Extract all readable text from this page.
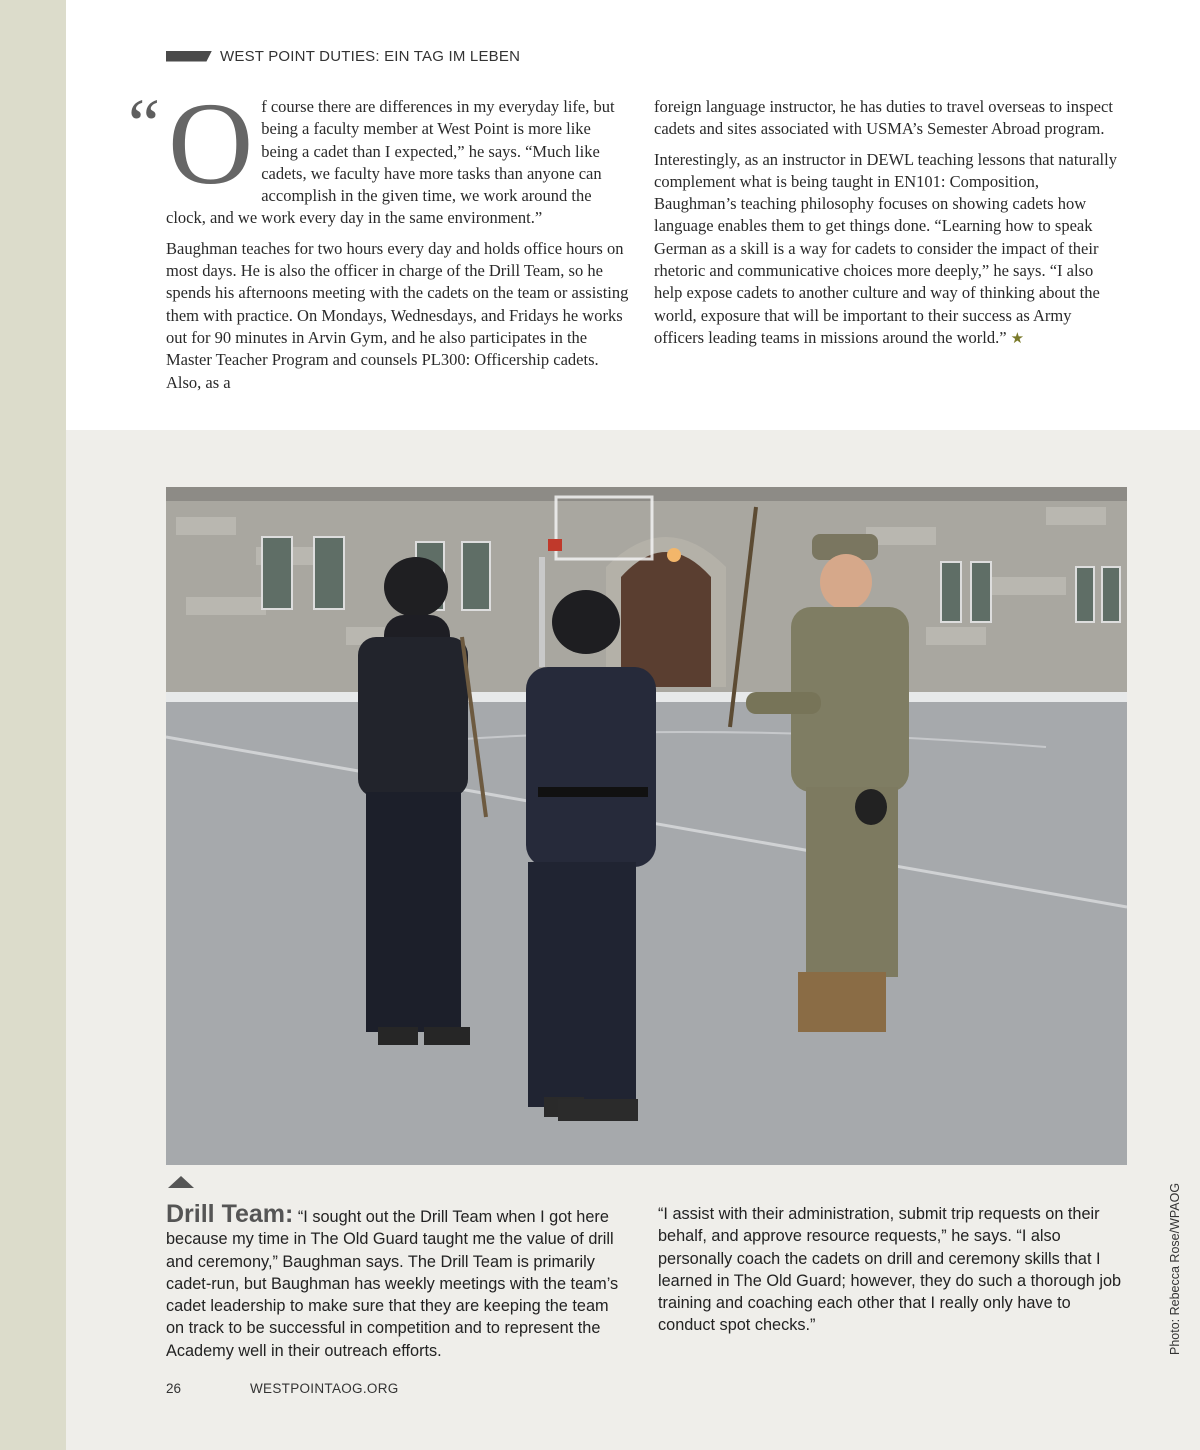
WEST POINT DUTIES: EIN TAG IM LEBEN
“ O f course there are differences in my everyday life, but being a faculty member at West Point is more like being a cadet than I expected,” he says. “Much like cadets, we faculty have more tasks than anyone can accomplish in the given time, we work around the clock, and we work every day in the same environment.”

Baughman teaches for two hours every day and holds office hours on most days. He is also the officer in charge of the Drill Team, so he spends his afternoons meeting with the cadets on the team or assisting them with practice. On Mondays, Wednesdays, and Fridays he works out for 90 minutes in Arvin Gym, and he also participates in the Master Teacher Program and counsels PL300: Officership cadets. Also, as a

foreign language instructor, he has duties to travel overseas to inspect cadets and sites associated with USMA’s Semester Abroad program.

Interestingly, as an instructor in DEWL teaching lessons that naturally complement what is being taught in EN101: Composition, Baughman’s teaching philosophy focuses on showing cadets how language enables them to get things done. “Learning how to speak German as a skill is a way for cadets to consider the impact of their rhetoric and communicative choices more deeply,” he says. “I also help expose cadets to another culture and way of thinking about the world, exposure that will be important to their success as Army officers leading teams in missions around the world.” ★

Drill Team: “I sought out the Drill Team when I got here because my time in The Old Guard taught me the value of drill and ceremony,” Baughman says. The Drill Team is primarily cadet-run, but Baughman has weekly meetings with the team’s cadet leadership to make sure that they are keeping the team on track to be successful in competition and to represent the Academy well in their outreach efforts.
“I assist with their administration, submit trip requests on their behalf, and approve resource requests,” he says. “I also personally coach the cadets on drill and ceremony skills that I learned in The Old Guard; however, they do such a thorough job training and coaching each other that I really only have to conduct spot checks.”	Photo: Rebecca Rose/WPAOG
26	WESTPOINTAOG.ORG
